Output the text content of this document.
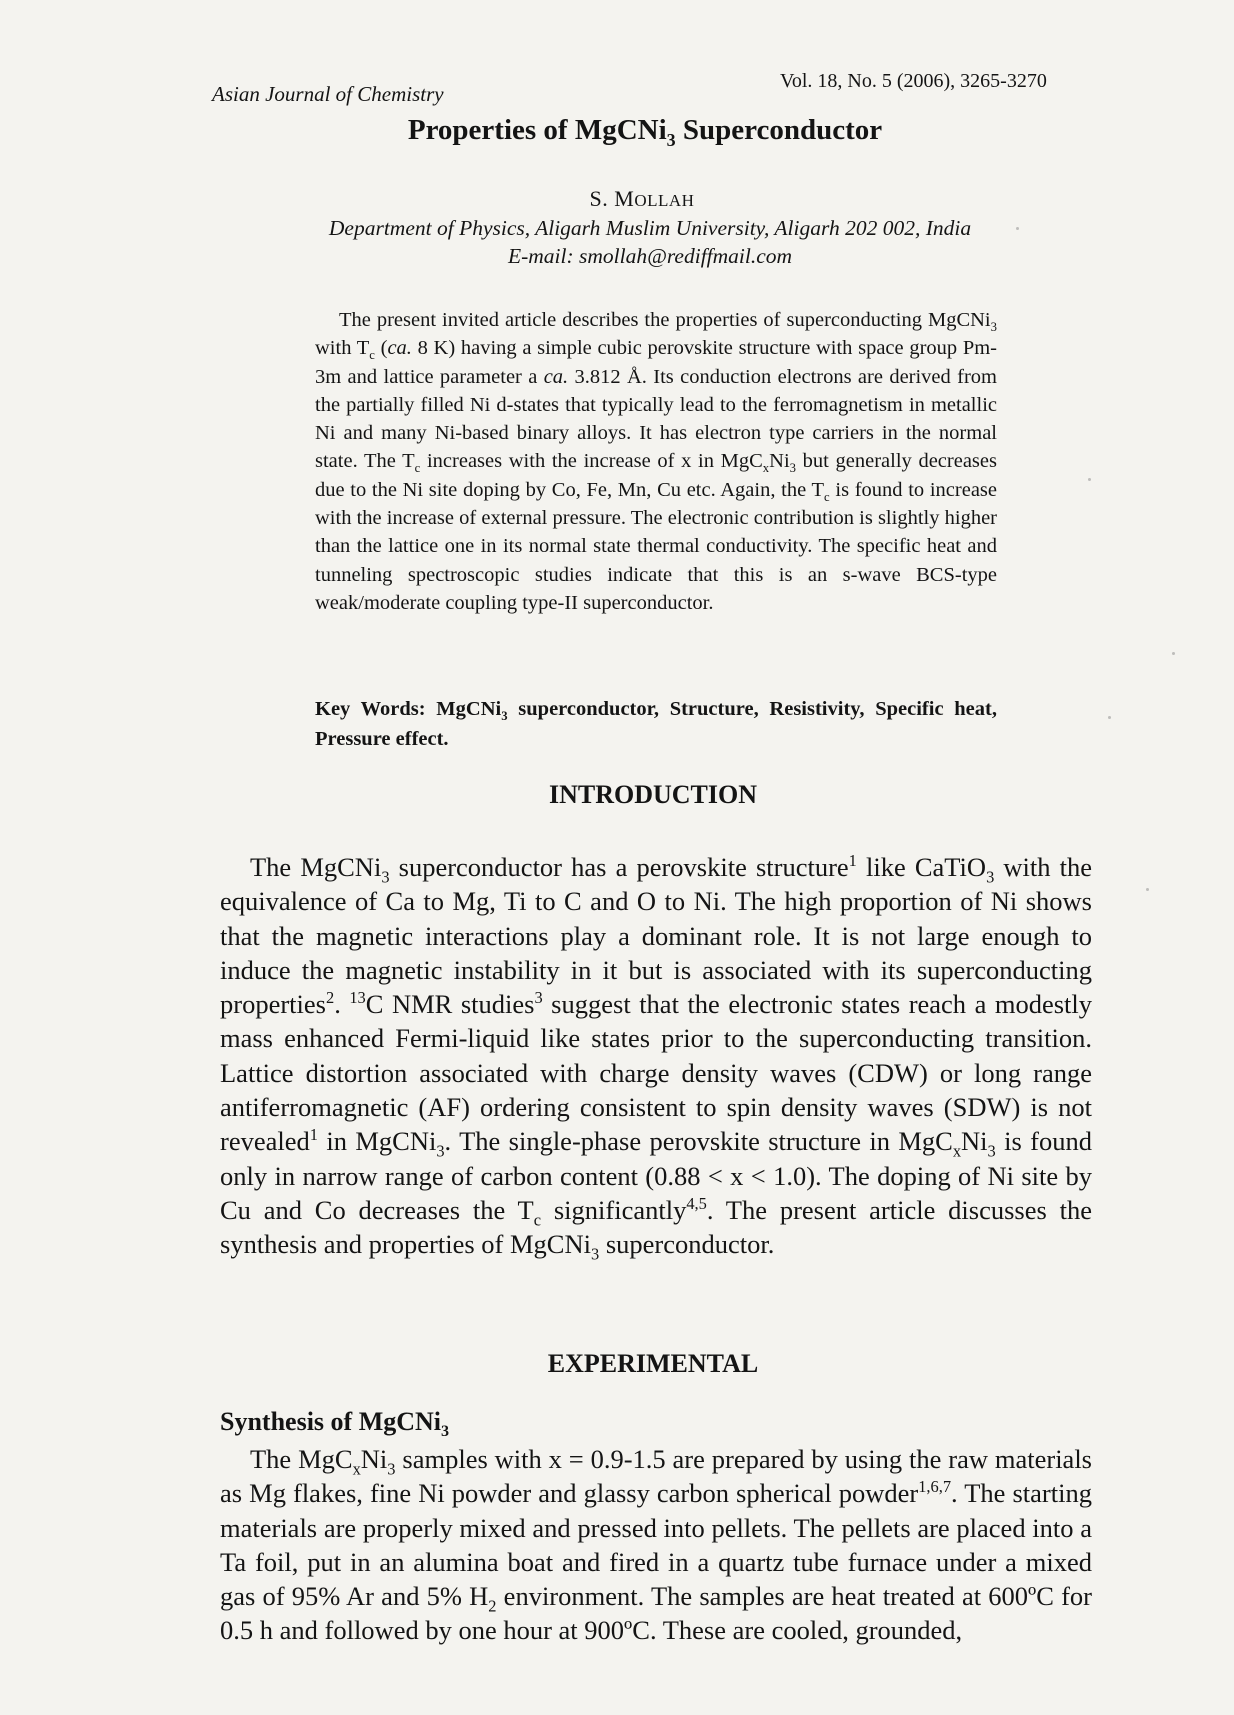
Asian Journal of Chemistry
Vol. 18, No. 5 (2006), 3265-3270
Properties of MgCNi$_3$ Superconductor
S. MOLLAH
Department of Physics, Aligarh Muslim University, Aligarh 202 002, India
E-mail: smollah@rediffmail.com
The present invited article describes the properties of superconducting MgCNi$_3$ with $T_c$ (ca. 8 K) having a simple cubic perovskite structure with space group Pm-3m and lattice parameter a ca. 3.812 Å. Its conduction electrons are derived from the partially filled Ni d-states that typically lead to the ferromagnetism in metallic Ni and many Ni-based binary alloys. It has electron type carriers in the normal state. The $T_c$ increases with the increase of x in $MgC_xNi_3$ but generally decreases due to the Ni site doping by Co, Fe, Mn, Cu etc. Again, the $T_c$ is found to increase with the increase of external pressure. The electronic contribution is slightly higher than the lattice one in its normal state thermal conductivity. The specific heat and tunneling spectroscopic studies indicate that this is an s-wave BCS-type weak/moderate coupling type-II superconductor.
Key Words: MgCNi$_3$ superconductor, Structure, Resistivity, Specific heat, Pressure effect.
INTRODUCTION
The MgCNi$_3$ superconductor has a perovskite structure$^1$ like CaTiO$_3$ with the equivalence of Ca to Mg, Ti to C and O to Ni. The high proportion of Ni shows that the magnetic interactions play a dominant role. It is not large enough to induce the magnetic instability in it but is associated with its superconducting properties$^2$. $^{13}$C NMR studies$^3$ suggest that the electronic states reach a modestly mass enhanced Fermi-liquid like states prior to the superconducting transition. Lattice distortion associated with charge density waves (CDW) or long range antiferromagnetic (AF) ordering consistent to spin density waves (SDW) is not revealed$^1$ in MgCNi$_3$. The single-phase perovskite structure in $MgC_xNi_3$ is found only in narrow range of carbon content (0.88 < x < 1.0). The doping of Ni site by Cu and Co decreases the $T_c$ significantly$^{4,5}$. The present article discusses the synthesis and properties of MgCNi$_3$ superconductor.
EXPERIMENTAL
Synthesis of MgCNi$_3$
The $MgC_xNi_3$ samples with x = 0.9-1.5 are prepared by using the raw materials as Mg flakes, fine Ni powder and glassy carbon spherical powder$^{1,6,7}$. The starting materials are properly mixed and pressed into pellets. The pellets are placed into a Ta foil, put in an alumina boat and fired in a quartz tube furnace under a mixed gas of 95% Ar and 5% $H_2$ environment. The samples are heat treated at 600ºC for 0.5 h and followed by one hour at 900ºC. These are cooled, grounded,
